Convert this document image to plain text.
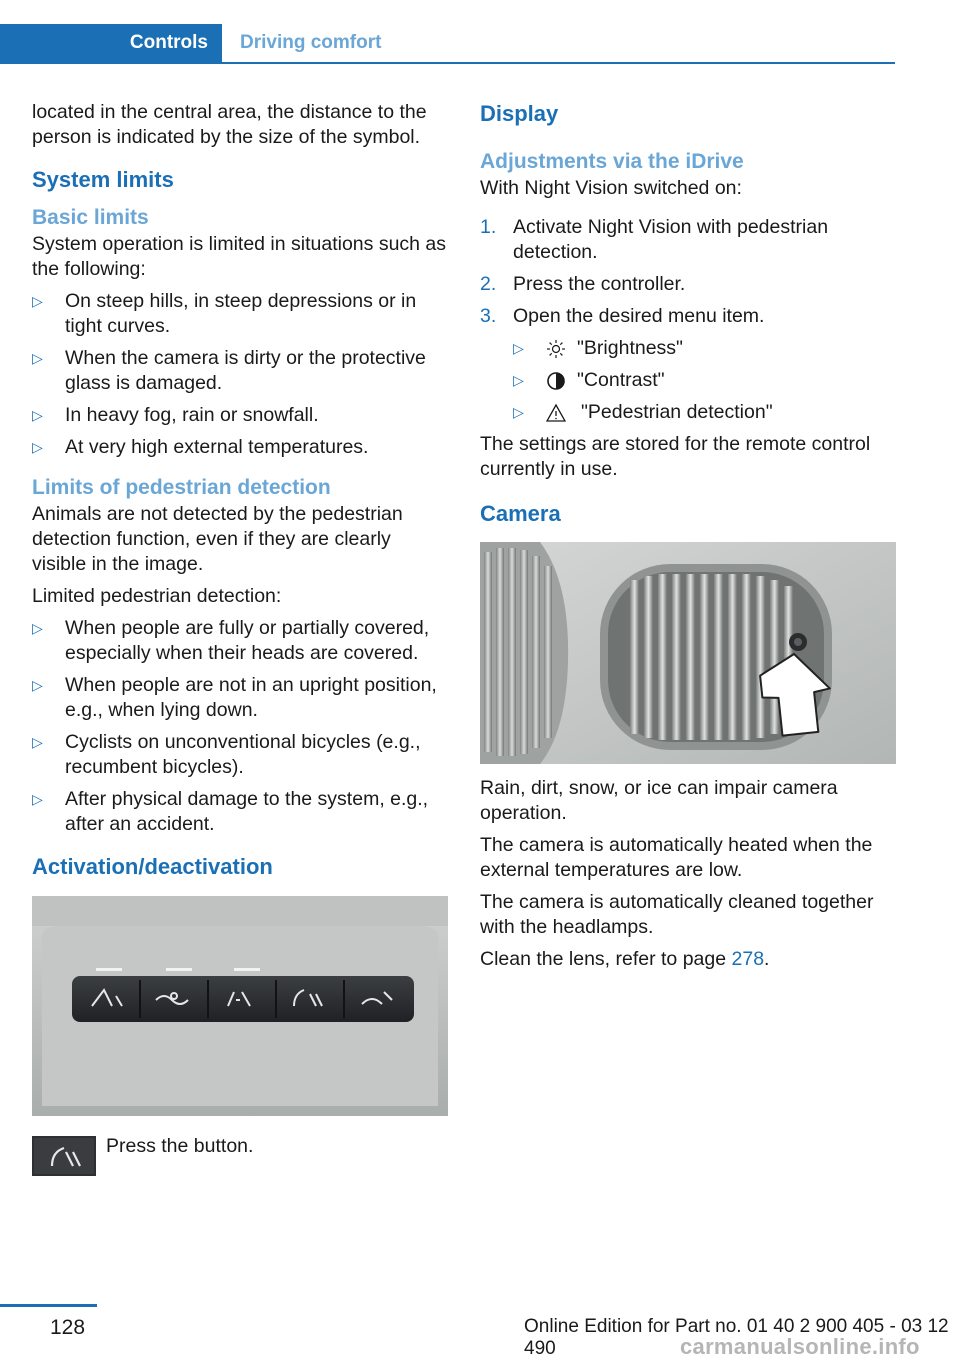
Controls	Driving comfort

located in the central area, the distance to the person is indicated by the size of the symbol.

System limits
Basic limits

System operation is limited in situations such as the following:

▷ On steep hills, in steep depressions or in tight curves.
▷ When the camera is dirty or the protective glass is damaged.
▷ In heavy fog, rain or snowfall.
▷ At very high external temperatures.
Limits of pedestrian detection

Animals are not detected by the pedestrian detection function, even if they are clearly visible in the image.

Limited pedestrian detection:

▷ When people are fully or partially covered, especially when their heads are covered.
▷ When people are not in an upright position, e.g., when lying down.
▷ Cyclists on unconventional bicycles (e.g., recumbent bicycles).
▷ After physical damage to the system, e.g., after an accident.
Activation/deactivation

Press the button.

Display
Adjustments via the iDrive

With Night Vision switched on:

1. Activate Night Vision with pedestrian detection.
2. Press the controller.
3. Open the desired menu item.
▷	"Brightness"
▷	"Contrast"
▷	"Pedestrian detection"

The settings are stored for the remote control currently in use.

Camera

Rain, dirt, snow, or ice can impair camera operation.

The camera is automatically heated when the external temperatures are low.

The camera is automatically cleaned together with the headlamps.

Clean the lens, refer to page 278.

128	Online Edition for Part no. 01 40 2 900 405 - 03 12 490	carmanualsonline.info
